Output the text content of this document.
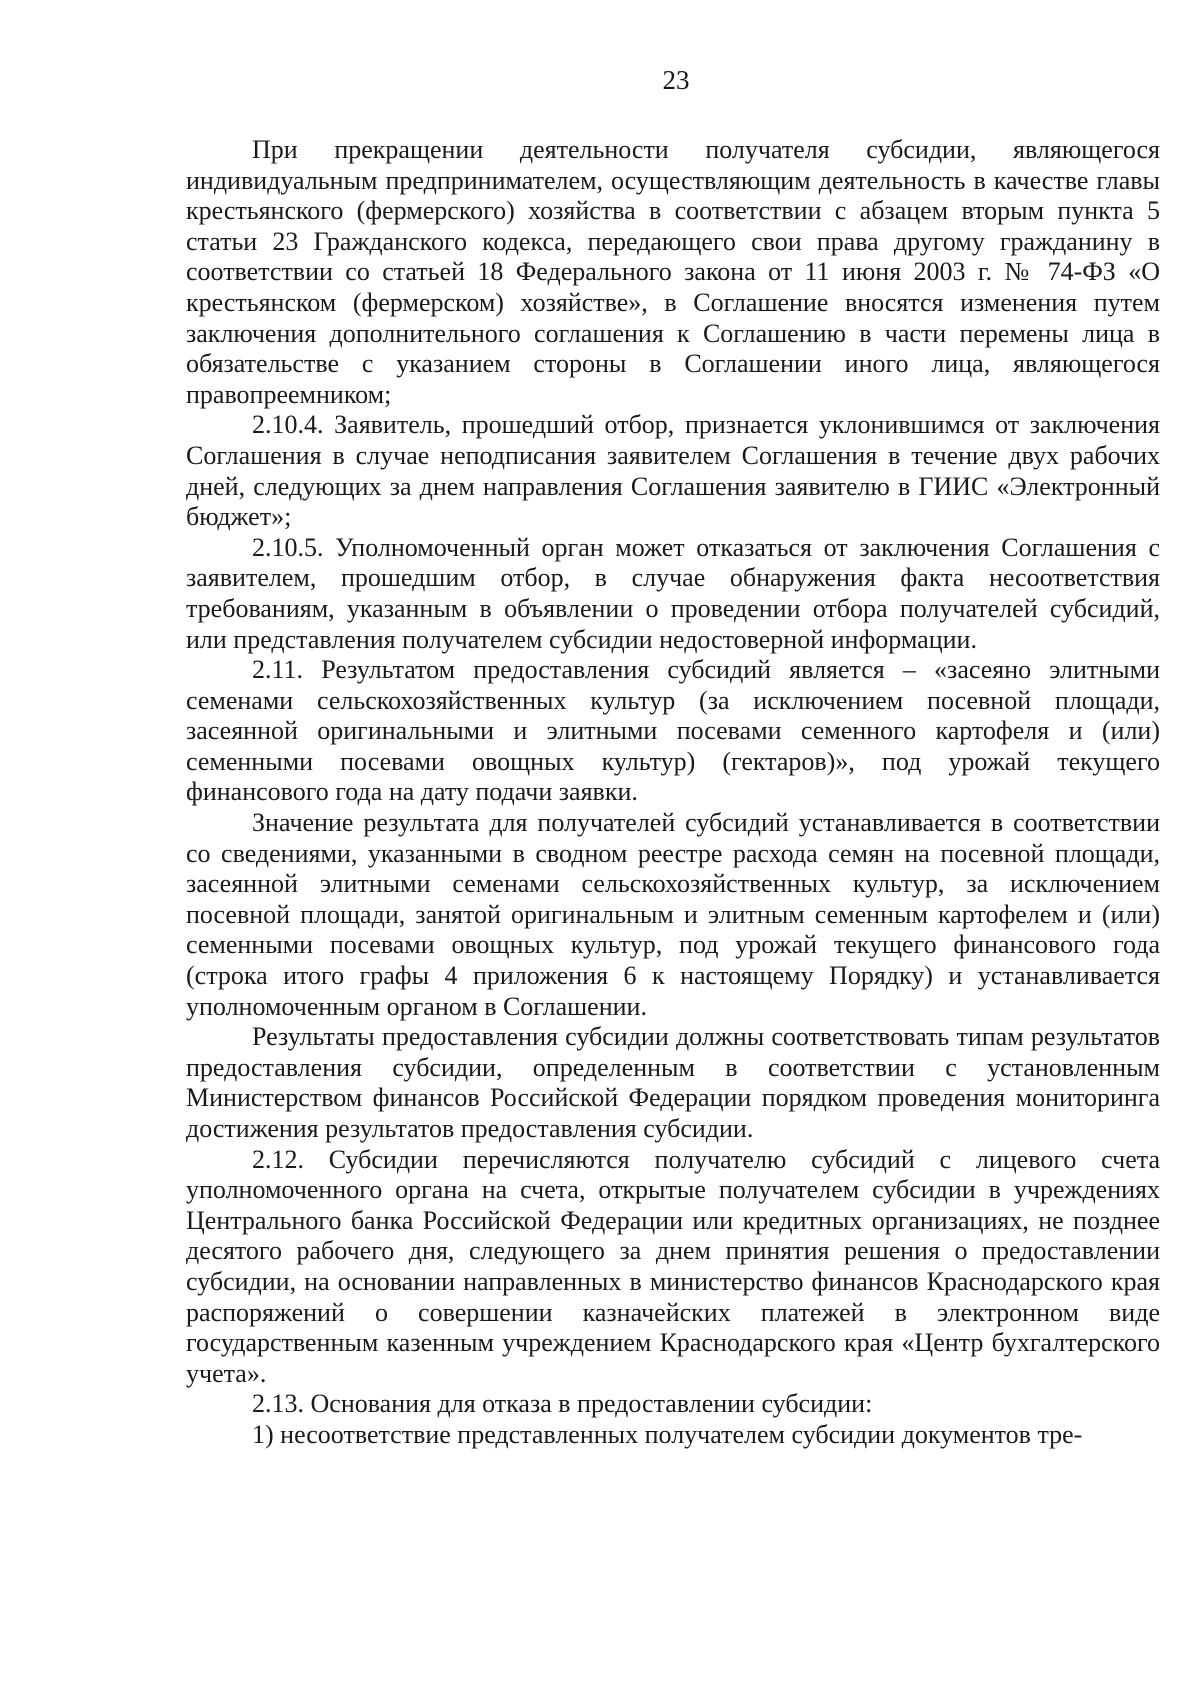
23

При прекращении деятельности получателя субсидии, являющегося индивидуальным предпринимателем, осуществляющим деятельность в качестве главы крестьянского (фермерского) хозяйства в соответствии с абзацем вторым пункта 5 статьи 23 Гражданского кодекса, передающего свои права другому гражданину в соответствии со статьей 18 Федерального закона от 11 июня 2003 г. № 74-ФЗ «О крестьянском (фермерском) хозяйстве», в Соглашение вносятся изменения путем заключения дополнительного соглашения к Соглашению в части перемены лица в обязательстве с указанием стороны в Соглашении иного лица, являющегося правопреемником;

2.10.4. Заявитель, прошедший отбор, признается уклонившимся от заключения Соглашения в случае неподписания заявителем Соглашения в течение двух рабочих дней, следующих за днем направления Соглашения заявителю в ГИИС «Электронный бюджет»;

2.10.5. Уполномоченный орган может отказаться от заключения Соглашения с заявителем, прошедшим отбор, в случае обнаружения факта несоответствия требованиям, указанным в объявлении о проведении отбора получателей субсидий, или представления получателем субсидии недостоверной информации.

2.11. Результатом предоставления субсидий является – «засеяно элитными семенами сельскохозяйственных культур (за исключением посевной площади, засеянной оригинальными и элитными посевами семенного картофеля и (или) семенными посевами овощных культур) (гектаров)», под урожай текущего финансового года на дату подачи заявки.

Значение результата для получателей субсидий устанавливается в соответствии со сведениями, указанными в сводном реестре расхода семян на посевной площади, засеянной элитными семенами сельскохозяйственных культур, за исключением посевной площади, занятой оригинальным и элитным семенным картофелем и (или) семенными посевами овощных культур, под урожай текущего финансового года (строка итого графы 4 приложения 6 к настоящему Порядку) и устанавливается уполномоченным органом в Соглашении.

Результаты предоставления субсидии должны соответствовать типам результатов предоставления субсидии, определенным в соответствии с установленным Министерством финансов Российской Федерации порядком проведения мониторинга достижения результатов предоставления субсидии.

2.12. Субсидии перечисляются получателю субсидий с лицевого счета уполномоченного органа на счета, открытые получателем субсидии в учреждениях Центрального банка Российской Федерации или кредитных организациях, не позднее десятого рабочего дня, следующего за днем принятия решения о предоставлении субсидии, на основании направленных в министерство финансов Краснодарского края распоряжений о совершении казначейских платежей в электронном виде государственным казенным учреждением Краснодарского края «Центр бухгалтерского учета».

2.13. Основания для отказа в предоставлении субсидии:

1) несоответствие представленных получателем субсидии документов тре-
